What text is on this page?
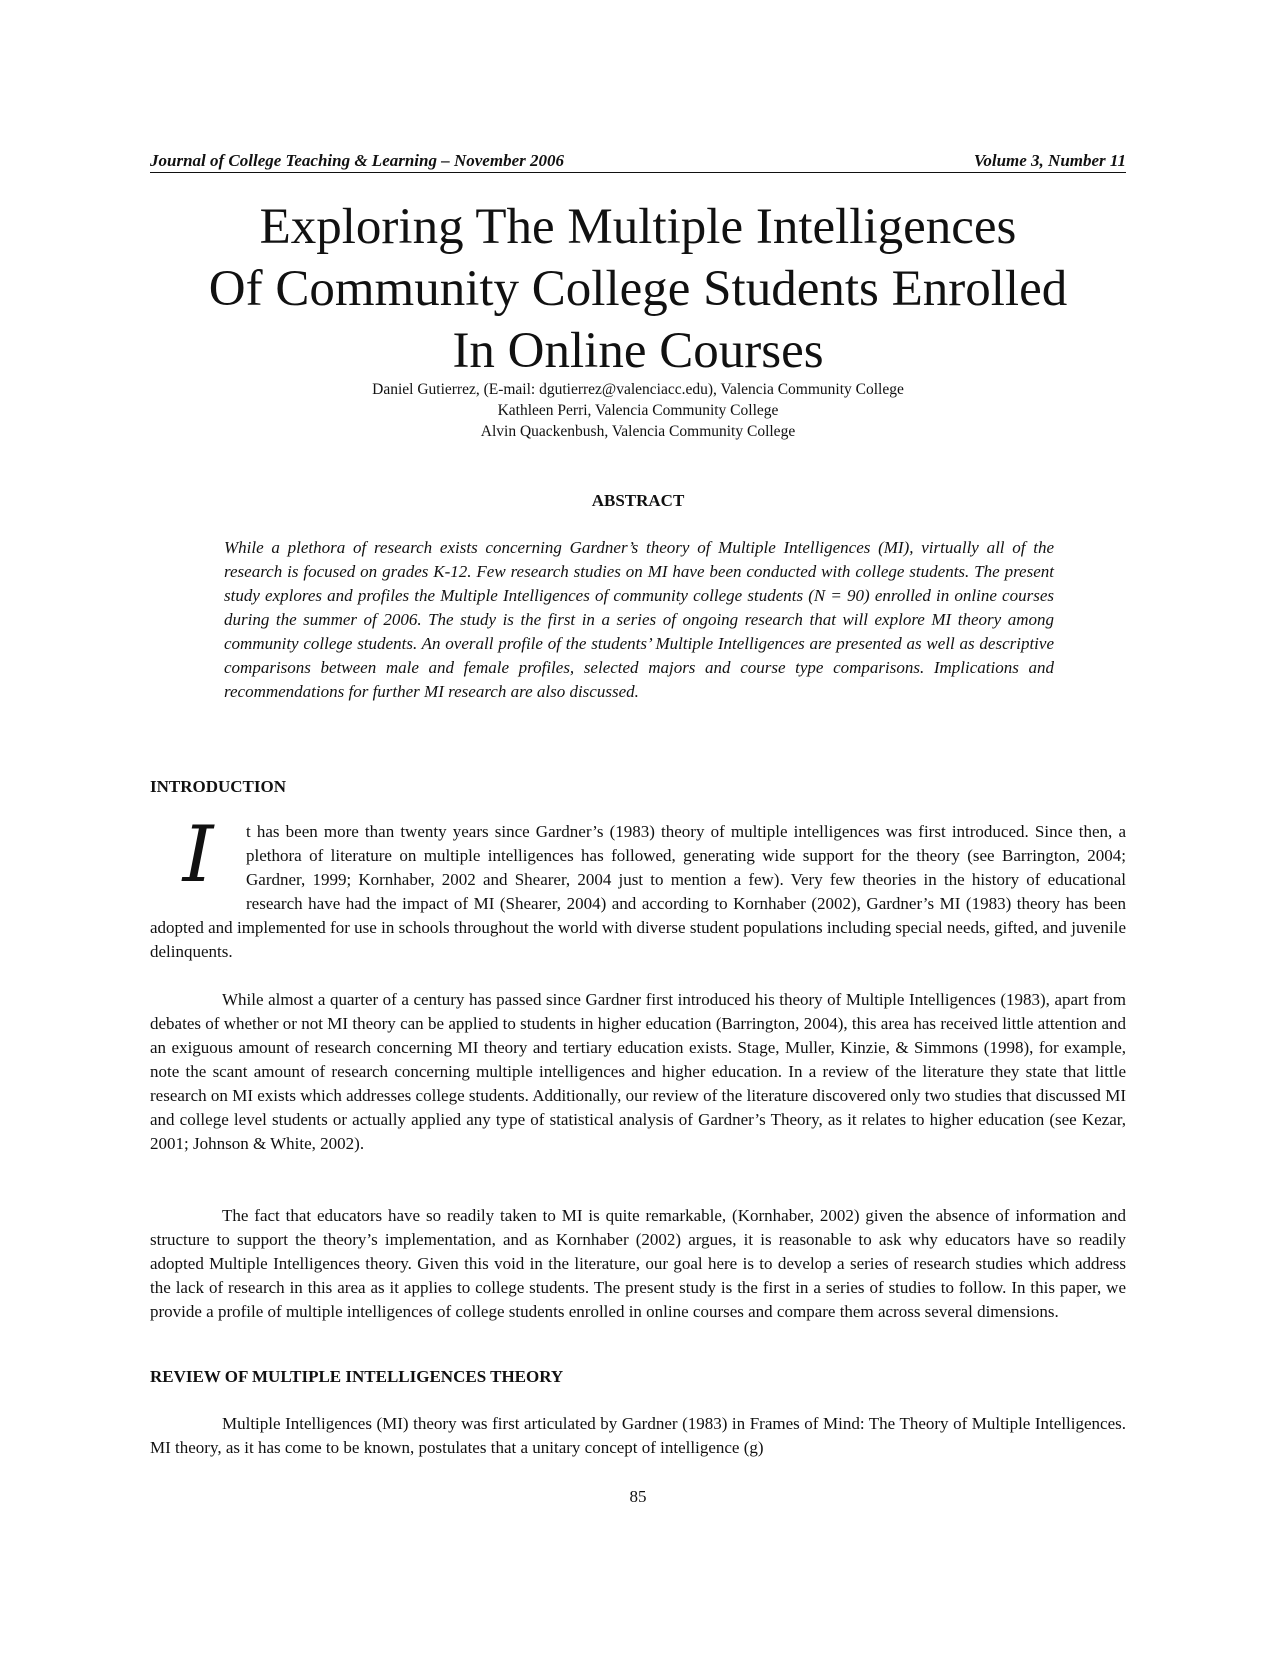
Journal of College Teaching & Learning – November 2006	Volume 3, Number 11
Exploring The Multiple Intelligences
Of Community College Students Enrolled
In Online Courses
Daniel Gutierrez, (E-mail: dgutierrez@valenciacc.edu), Valencia Community College
Kathleen Perri, Valencia Community College
Alvin Quackenbush, Valencia Community College
ABSTRACT
While a plethora of research exists concerning Gardner’s theory of Multiple Intelligences (MI), virtually all of the research is focused on grades K-12. Few research studies on MI have been conducted with college students. The present study explores and profiles the Multiple Intelligences of community college students (N = 90) enrolled in online courses during the summer of 2006. The study is the first in a series of ongoing research that will explore MI theory among community college students. An overall profile of the students’ Multiple Intelligences are presented as well as descriptive comparisons between male and female profiles, selected majors and course type comparisons. Implications and recommendations for further MI research are also discussed.
INTRODUCTION
I	t has been more than twenty years since Gardner’s (1983) theory of multiple intelligences was first introduced. Since then, a plethora of literature on multiple intelligences has followed, generating wide support for the theory (see Barrington, 2004; Gardner, 1999; Kornhaber, 2002 and Shearer, 2004 just to mention a few). Very few theories in the history of educational research have had the impact of MI (Shearer, 2004) and according to Kornhaber (2002), Gardner’s MI (1983) theory has been adopted and implemented for use in schools throughout the world with diverse student populations including special needs, gifted, and juvenile delinquents.
While almost a quarter of a century has passed since Gardner first introduced his theory of Multiple Intelligences (1983), apart from debates of whether or not MI theory can be applied to students in higher education (Barrington, 2004), this area has received little attention and an exiguous amount of research concerning MI theory and tertiary education exists. Stage, Muller, Kinzie, & Simmons (1998), for example, note the scant amount of research concerning multiple intelligences and higher education. In a review of the literature they state that little research on MI exists which addresses college students. Additionally, our review of the literature discovered only two studies that discussed MI and college level students or actually applied any type of statistical analysis of Gardner’s Theory, as it relates to higher education (see Kezar, 2001; Johnson & White, 2002).
The fact that educators have so readily taken to MI is quite remarkable, (Kornhaber, 2002) given the absence of information and structure to support the theory’s implementation, and as Kornhaber (2002) argues, it is reasonable to ask why educators have so readily adopted Multiple Intelligences theory. Given this void in the literature, our goal here is to develop a series of research studies which address the lack of research in this area as it applies to college students. The present study is the first in a series of studies to follow. In this paper, we provide a profile of multiple intelligences of college students enrolled in online courses and compare them across several dimensions.
REVIEW OF MULTIPLE INTELLIGENCES THEORY
Multiple Intelligences (MI) theory was first articulated by Gardner (1983) in Frames of Mind: The Theory of Multiple Intelligences. MI theory, as it has come to be known, postulates that a unitary concept of intelligence (g)
85
